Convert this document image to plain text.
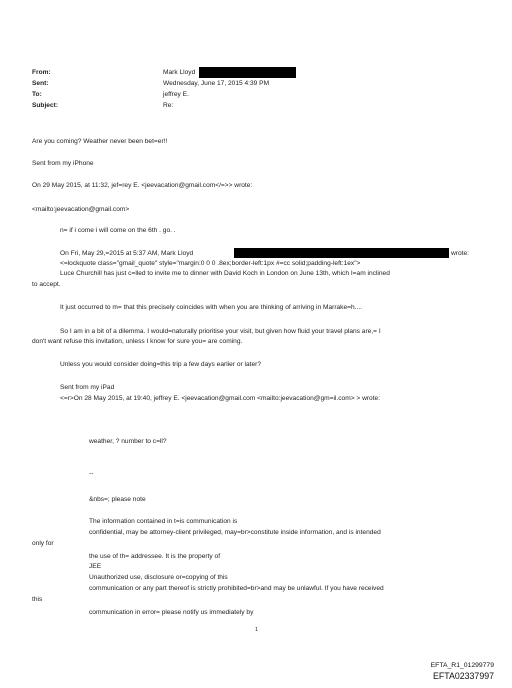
From:	Mark Lloyd
Sent:	Wednesday, June 17, 2015 4:39 PM
To:	jeffrey E.
Subject:	Re:
Are you coming? Weather never been bet=er!!
Sent from my iPhone
On 29 May 2015, at 11:32, jef=rey E. <jeevacation@gmail.com</=>> wrote:
<mailto:jeevacation@gmail.com>
n= if i come i will come on the 6th . go. .
On Fri, May 29,=2015 at 5:37 AM, Mark Lloyd	wrote:
<=lockquote class="gmail_quote" style="margin:0 0 0 .8ex;border-left:1px #=cc solid;padding-left:1ex">
Luce Churchill has just c=lled to invite me to dinner with David Koch in London on June 13th, which I=am inclined
to accept.
It just occurred to m= that this precisely coincides with when you are thinking of arriving in Marrake=h....
So I am in a bit of a dilemma. I would=naturally prioritise your visit, but given how fluid your travel plans are,= I
don't want refuse this invitation, unless I know for sure you= are coming.
Unless you would consider doing=this trip a few days earlier or later?
Sent from my iPad
<=r>On 28 May 2015, at 19:40, jeffrey E. <jeevacation@gmail.com <mailto:jeevacation@gm=il.com> > wrote:
weather, ? number to c=ll?
--
&nbs=; please note
The information contained in t=is communication is
confidential, may be attorney-client privileged, may=br>constitute inside information, and is intended
only for
the use of th= addressee. It is the property of
JEE
Unauthorized use, disclosure or=copying of this
communication or any part thereof is strictly prohibited=br>and may be unlawful. If you have received
this
communication in error= please notify us immediately by
1
EFTA_R1_01299779
EFTA02337997
